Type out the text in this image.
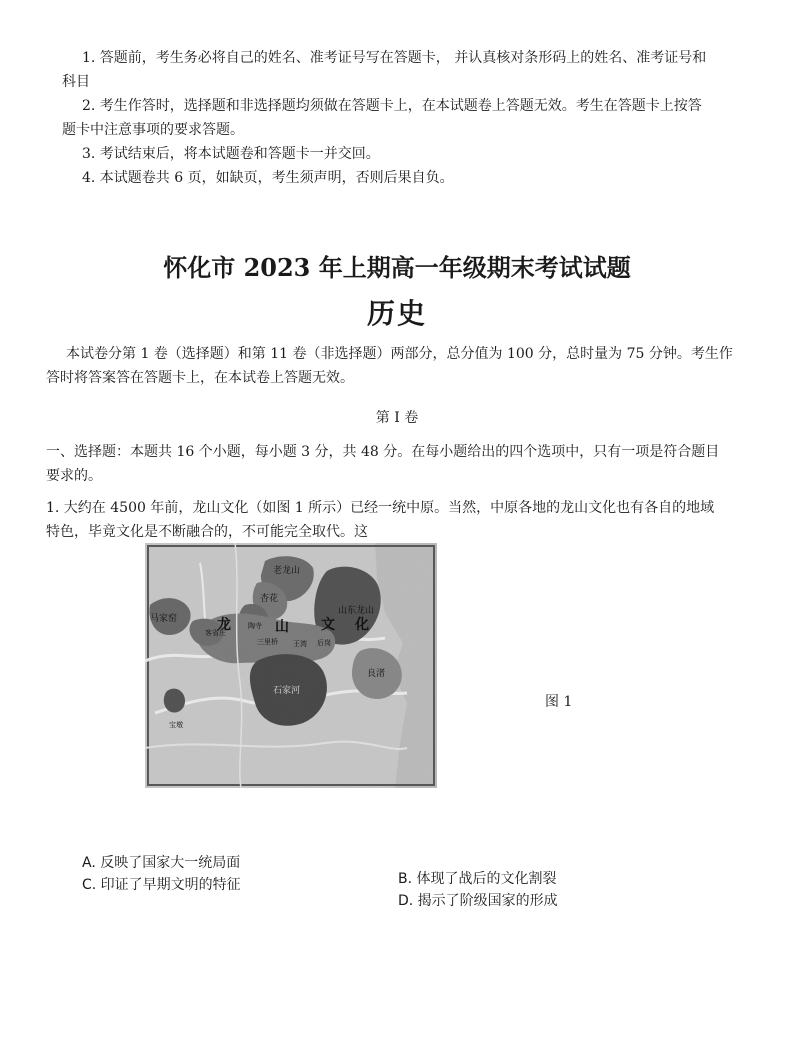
1. 答题前，考生务必将自己的姓名、准考证号写在答题卡， 并认真核对条形码上的姓名、准考证号和
科目
2. 考生作答时，选择题和非选择题均须做在答题卡上，在本试题卷上答题无效。考生在答题卡上按答
题卡中注意事项的要求答题。
3. 考试结束后，将本试题卷和答题卡一并交回。
4. 本试题卷共 6 页，如缺页，考生须声明，否则后果自负。
怀化市 2023 年上期高一年级期末考试试题
历史
本试卷分第 1 卷（选择题）和第 11 卷（非选择题）两部分，总分值为 100 分，总时量为 75 分钟。考生作
答时将答案答在答题卡上，在本试卷上答题无效。
第 I 卷
一、选择题：本题共 16 个小题，每小题 3 分，共 48 分。在每小题给出的四个选项中，只有一项是符合题目
要求的。
1. 大约在 4500 年前，龙山文化（如图 1 所示）已经一统中原。当然，中原各地的龙山文化也有各自的地域
特色，毕竟文化是不断融合的，不可能完全取代。这
老龙山
杏花
马家窑
山东龙山
陶寺
龙	山 文 化
客省庄
三里桥 王湾 后岗
石家河
良渚
宝墩
图 1
A. 反映了国家大一统局面
C. 印证了早期文明的特征	B. 体现了战后的文化割裂
D. 揭示了阶级国家的形成
